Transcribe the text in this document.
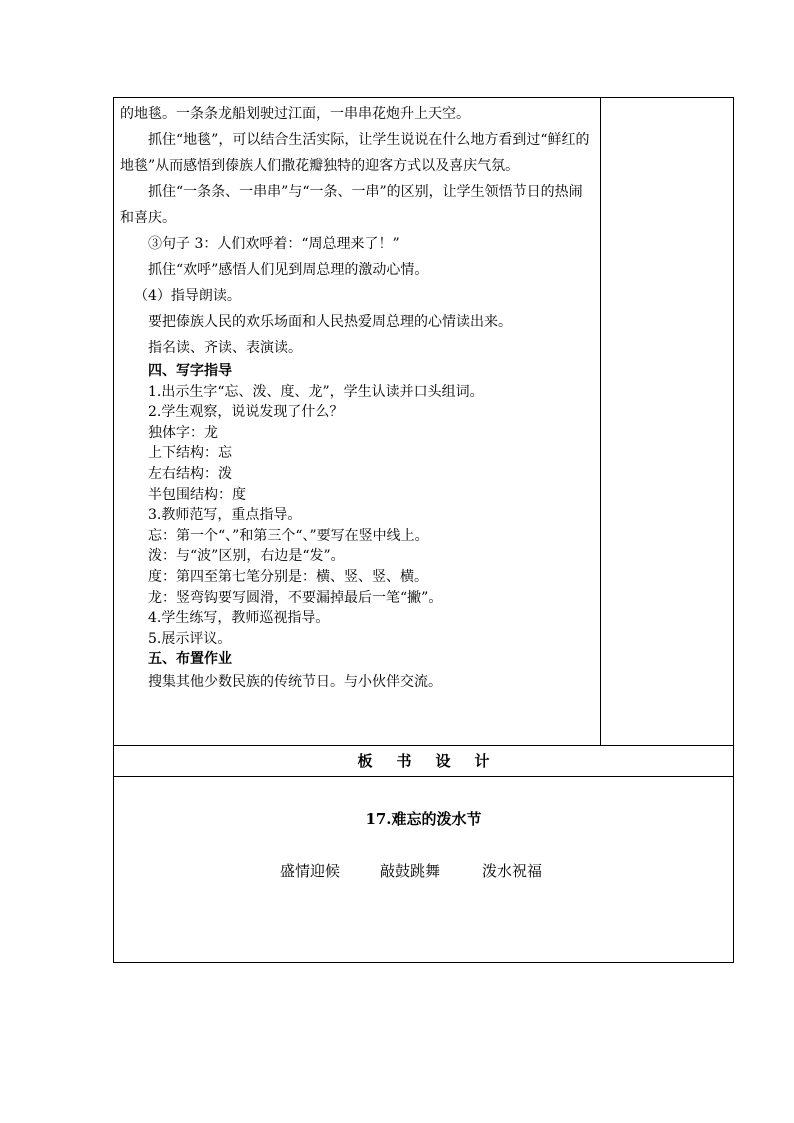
的地毯。一条条龙船划驶过江面，一串串花炮升上天空。

抓住“地毯”，可以结合生活实际，让学生说说在什么地方看到过“鲜红的地毯”从而感悟到傣族人们撒花瓣独特的迎客方式以及喜庆气氛。

抓住“一条条、一串串”与“一条、一串”的区别，让学生领悟节日的热闹和喜庆。

③句子 3：人们欢呼着：“周总理来了！”

抓住“欢呼”感悟人们见到周总理的激动心情。

（4）指导朗读。

要把傣族人民的欢乐场面和人民热爱周总理的心情读出来。

指名读、齐读、表演读。

四、写字指导

1.出示生字“忘、泼、度、龙”，学生认读并口头组词。

2.学生观察，说说发现了什么？

独体字：龙

上下结构：忘

左右结构：泼

半包围结构：度

3.教师范写，重点指导。

忘：第一个“、”和第三个“、”要写在竖中线上。

泼：与“波”区别，右边是“发”。

度：第四至第七笔分别是：横、竖、竖、横。

龙：竖弯钩要写圆滑，不要漏掉最后一笔“撇”。

4.学生练写，教师巡视指导。

5.展示评议。

五、布置作业

搜集其他少数民族的传统节日。与小伙伴交流。

板 书 设 计
17.难忘的泼水节
盛情迎候	敲鼓跳舞	泼水祝福
